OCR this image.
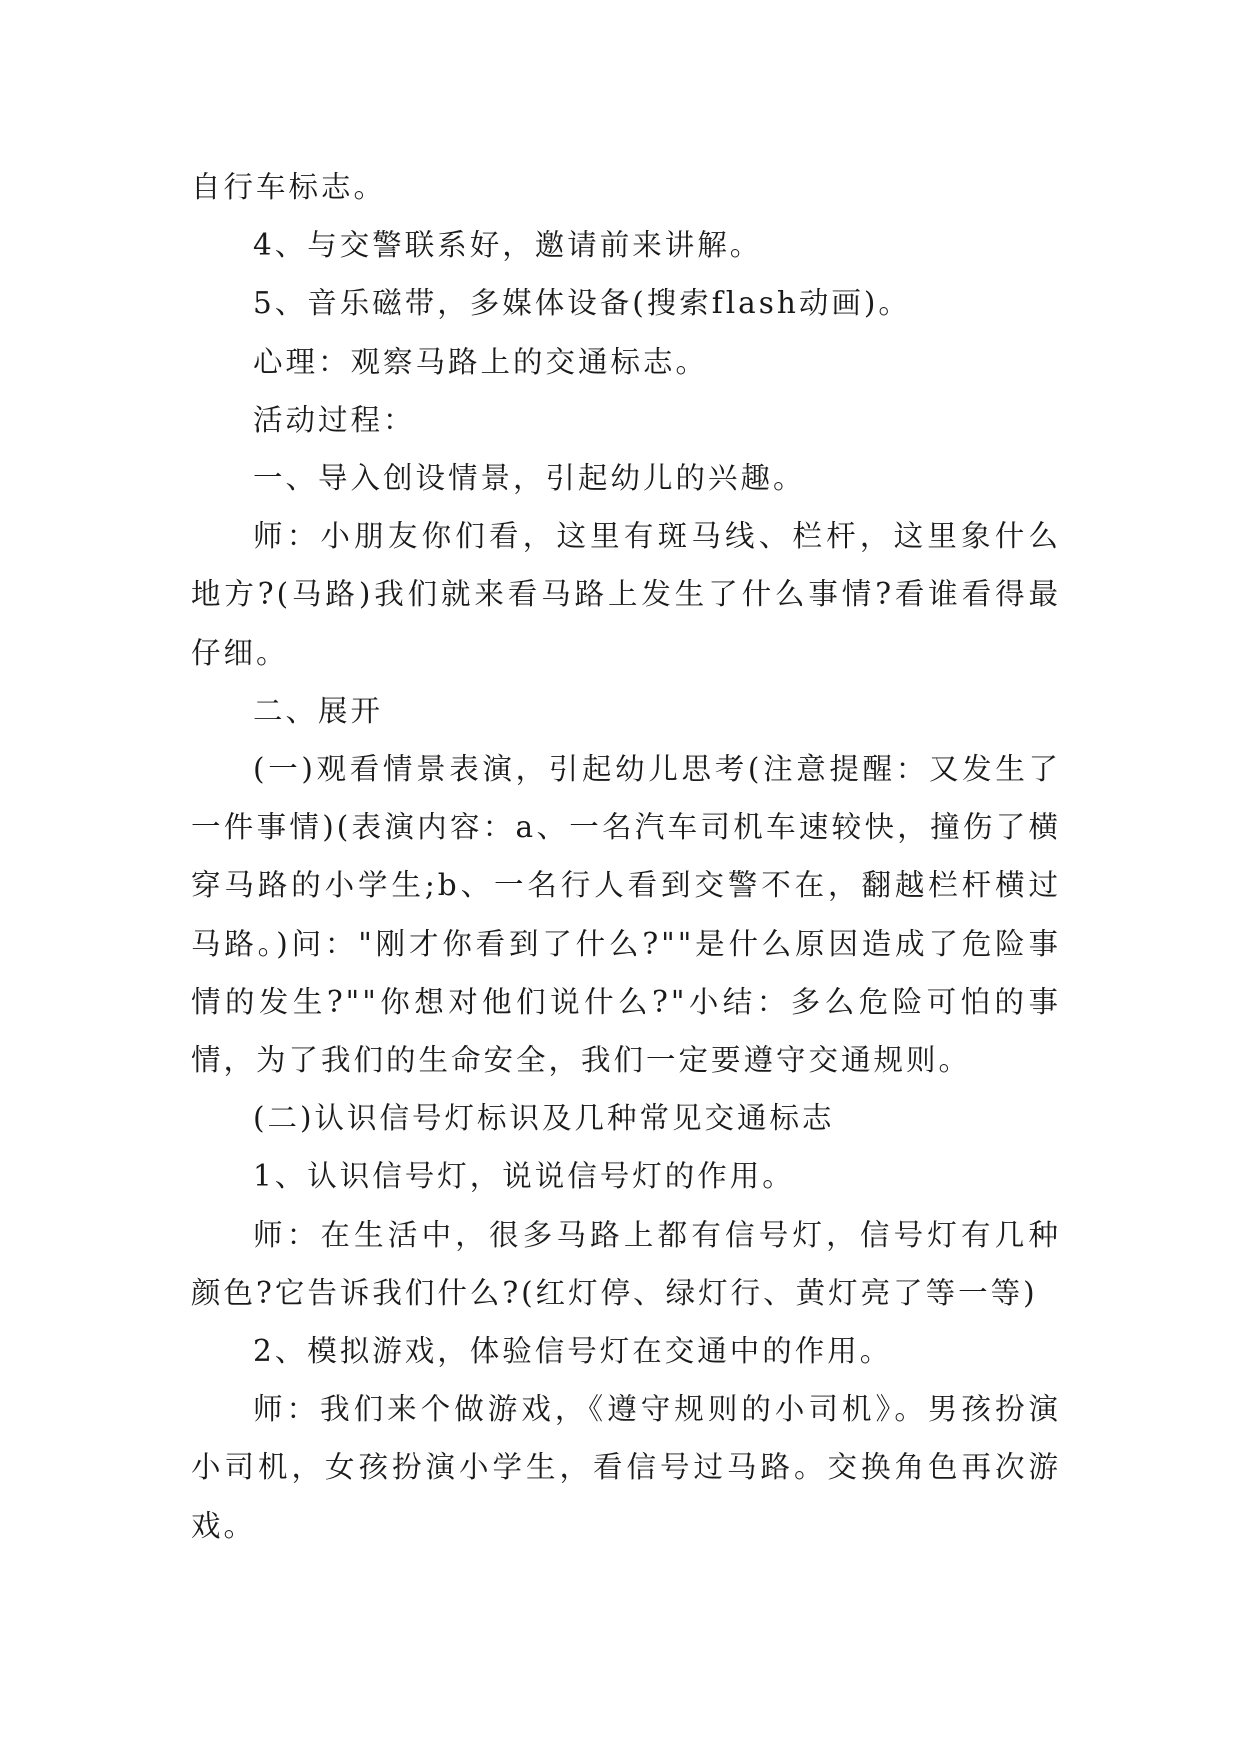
自行车标志。

4、与交警联系好，邀请前来讲解。

5、音乐磁带，多媒体设备(搜索flash动画)。

心理：观察马路上的交通标志。

活动过程：

一、导入创设情景，引起幼儿的兴趣。

师：小朋友你们看，这里有斑马线、栏杆，这里象什么地方?(马路)我们就来看马路上发生了什么事情?看谁看得最仔细。

二、展开

(一)观看情景表演，引起幼儿思考(注意提醒：又发生了一件事情)(表演内容：a、一名汽车司机车速较快，撞伤了横穿马路的小学生;b、一名行人看到交警不在，翻越栏杆横过马路。)问："刚才你看到了什么?""是什么原因造成了危险事情的发生?""你想对他们说什么?"小结：多么危险可怕的事情，为了我们的生命安全，我们一定要遵守交通规则。

(二)认识信号灯标识及几种常见交通标志

1、认识信号灯，说说信号灯的作用。

师：在生活中，很多马路上都有信号灯，信号灯有几种颜色?它告诉我们什么?(红灯停、绿灯行、黄灯亮了等一等)

2、模拟游戏，体验信号灯在交通中的作用。

师：我们来个做游戏，《遵守规则的小司机》。男孩扮演小司机，女孩扮演小学生，看信号过马路。交换角色再次游戏。
